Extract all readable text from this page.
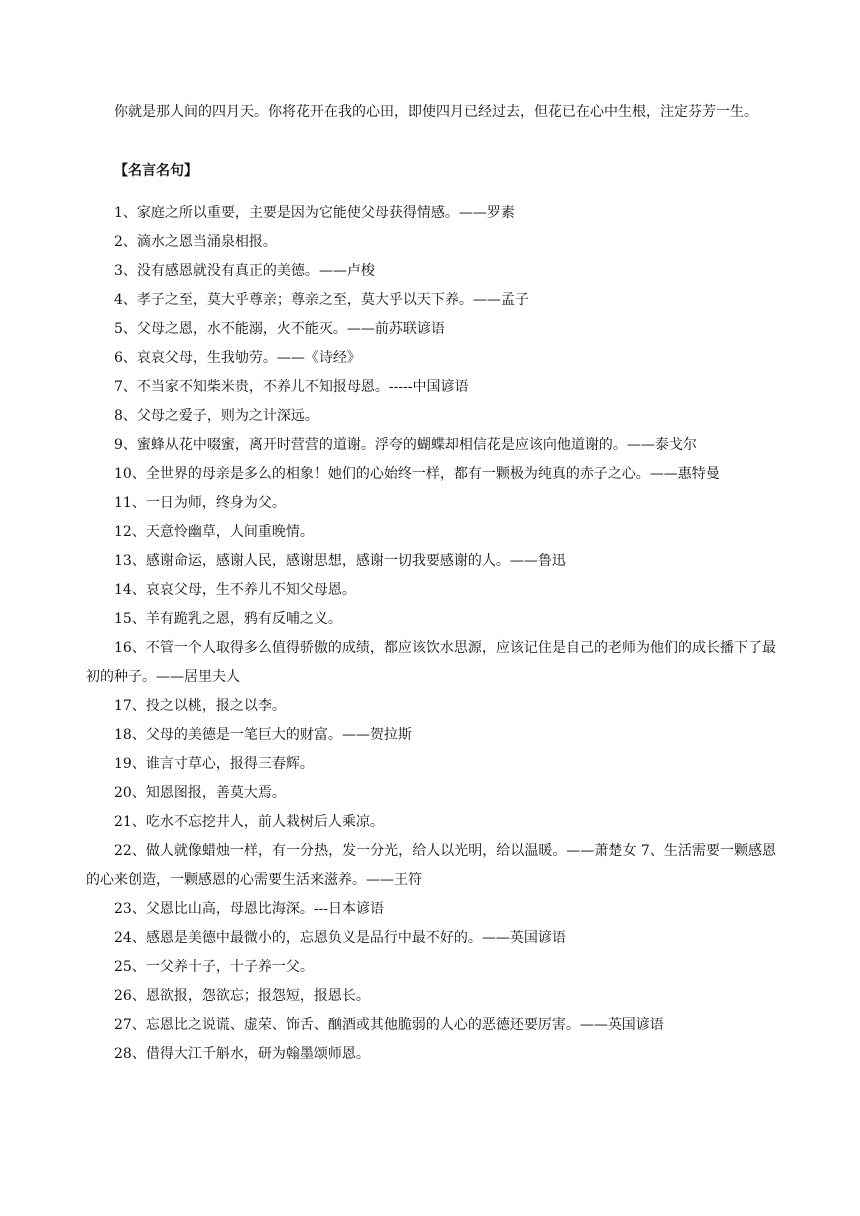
你就是那人间的四月天。你将花开在我的心田，即使四月已经过去，但花已在心中生根，注定芬芳一生。

【名言名句】

1、家庭之所以重要，主要是因为它能使父母获得情感。——罗素

2、滴水之恩当涌泉相报。

3、没有感恩就没有真正的美德。——卢梭

4、孝子之至，莫大乎尊亲；尊亲之至，莫大乎以天下养。——孟子

5、父母之恩，水不能溺，火不能灭。——前苏联谚语

6、哀哀父母，生我劬劳。——《诗经》

7、不当家不知柴米贵，不养儿不知报母恩。-----中国谚语

8、父母之爱子，则为之计深远。

9、蜜蜂从花中啜蜜，离开时营营的道谢。浮夸的蝴蝶却相信花是应该向他道谢的。——泰戈尔

10、全世界的母亲是多么的相象！她们的心始终一样，都有一颗极为纯真的赤子之心。——惠特曼

11、一日为师，终身为父。

12、天意怜幽草，人间重晚情。

13、感谢命运，感谢人民，感谢思想，感谢一切我要感谢的人。——鲁迅

14、哀哀父母，生不养儿不知父母恩。

15、羊有跪乳之恩，鸦有反哺之义。

16、不管一个人取得多么值得骄傲的成绩，都应该饮水思源，应该记住是自己的老师为他们的成长播下了最初的种子。——居里夫人

17、投之以桃，报之以李。

18、父母的美德是一笔巨大的财富。——贺拉斯

19、谁言寸草心，报得三春辉。

20、知恩图报，善莫大焉。

21、吃水不忘挖井人，前人栽树后人乘凉。

22、做人就像蜡烛一样，有一分热，发一分光，给人以光明，给以温暖。——萧楚女 7、生活需要一颗感恩的心来创造，一颗感恩的心需要生活来滋养。——王符

23、父恩比山高，母恩比海深。---日本谚语

24、感恩是美德中最微小的，忘恩负义是品行中最不好的。——英国谚语

25、一父养十子，十子养一父。

26、恩欲报，怨欲忘；报怨短，报恩长。

27、忘恩比之说谎、虚荣、饰舌、酗酒或其他脆弱的人心的恶德还要厉害。——英国谚语

28、借得大江千斛水，研为翰墨颂师恩。
